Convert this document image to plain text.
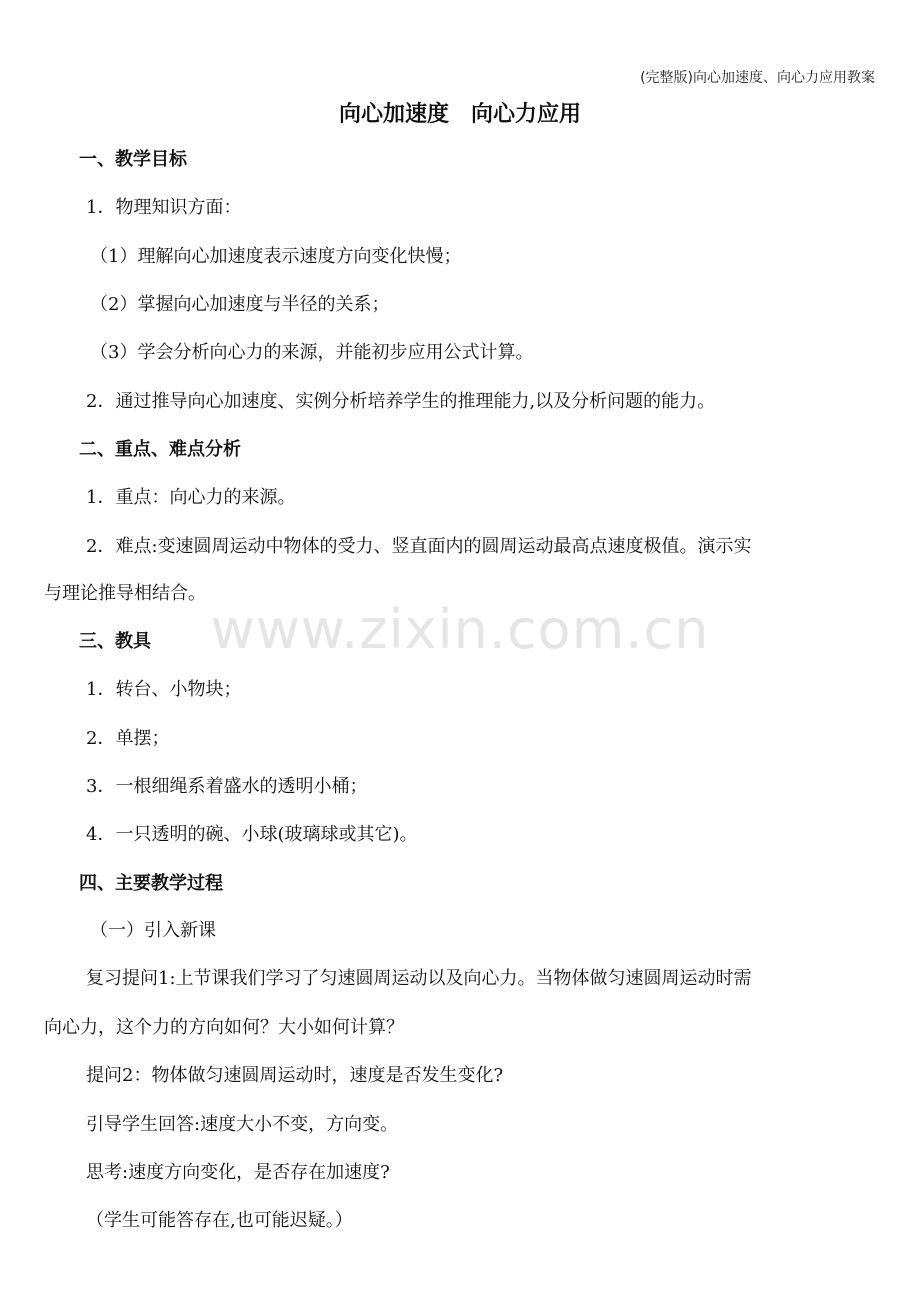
(完整版)向心加速度、向心力应用教案
向心加速度　向心力应用
www.zixin.com.cn
一、教学目标
1．物理知识方面：
（1）理解向心加速度表示速度方向变化快慢；
（2）掌握向心加速度与半径的关系；
（3）学会分析向心力的来源，并能初步应用公式计算。
2．通过推导向心加速度、实例分析培养学生的推理能力,以及分析问题的能力。
二、重点、难点分析
1．重点：向心力的来源。
2．难点:变速圆周运动中物体的受力、竖直面内的圆周运动最高点速度极值。演示实
与理论推导相结合。
三、教具
1．转台、小物块；
2．单摆；
3．一根细绳系着盛水的透明小桶；
4．一只透明的碗、小球(玻璃球或其它)。
四、主要教学过程
（一）引入新课
复习提问1:上节课我们学习了匀速圆周运动以及向心力。当物体做匀速圆周运动时需
向心力，这个力的方向如何？大小如何计算？
提问2：物体做匀速圆周运动时，速度是否发生变化?
引导学生回答:速度大小不变，方向变。
思考:速度方向变化，是否存在加速度?
（学生可能答存在,也可能迟疑。）
